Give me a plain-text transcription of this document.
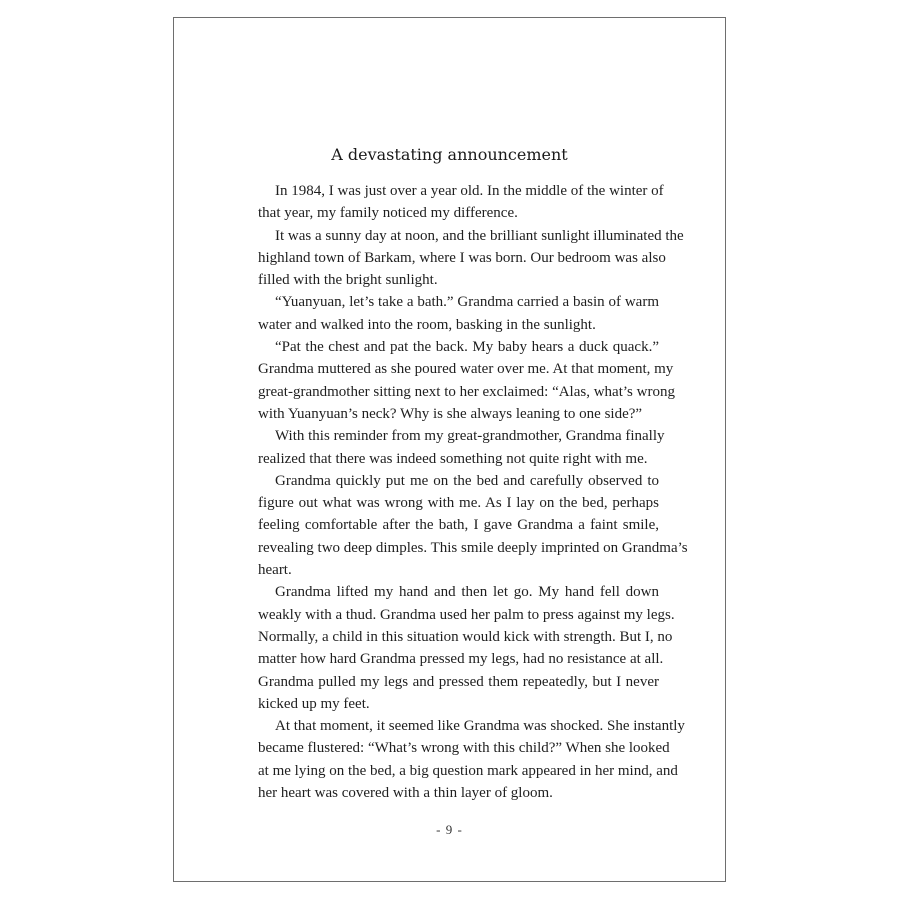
A devastating announcement
In 1984, I was just over a year old. In the middle of the winter of
that year, my family noticed my difference.
It was a sunny day at noon, and the brilliant sunlight illuminated the
highland town of Barkam, where I was born. Our bedroom was also
filled with the bright sunlight.
“Yuanyuan, let’s take a bath.” Grandma carried a basin of warm
water and walked into the room, basking in the sunlight.
“Pat the chest and pat the back. My baby hears a duck quack.”
Grandma muttered as she poured water over me. At that moment, my
great-grandmother sitting next to her exclaimed: “Alas, what’s wrong
with Yuanyuan’s neck? Why is she always leaning to one side?”
With this reminder from my great-grandmother, Grandma finally
realized that there was indeed something not quite right with me.
Grandma quickly put me on the bed and carefully observed to
figure out what was wrong with me. As I lay on the bed, perhaps
feeling comfortable after the bath, I gave Grandma a faint smile,
revealing two deep dimples. This smile deeply imprinted on Grandma’s
heart.
Grandma lifted my hand and then let go. My hand fell down
weakly with a thud. Grandma used her palm to press against my legs.
Normally, a child in this situation would kick with strength. But I, no
matter how hard Grandma pressed my legs, had no resistance at all.
Grandma pulled my legs and pressed them repeatedly, but I never
kicked up my feet.
At that moment, it seemed like Grandma was shocked. She instantly
became flustered: “What’s wrong with this child?” When she looked
at me lying on the bed, a big question mark appeared in her mind, and
her heart was covered with a thin layer of gloom.
- 9 -
